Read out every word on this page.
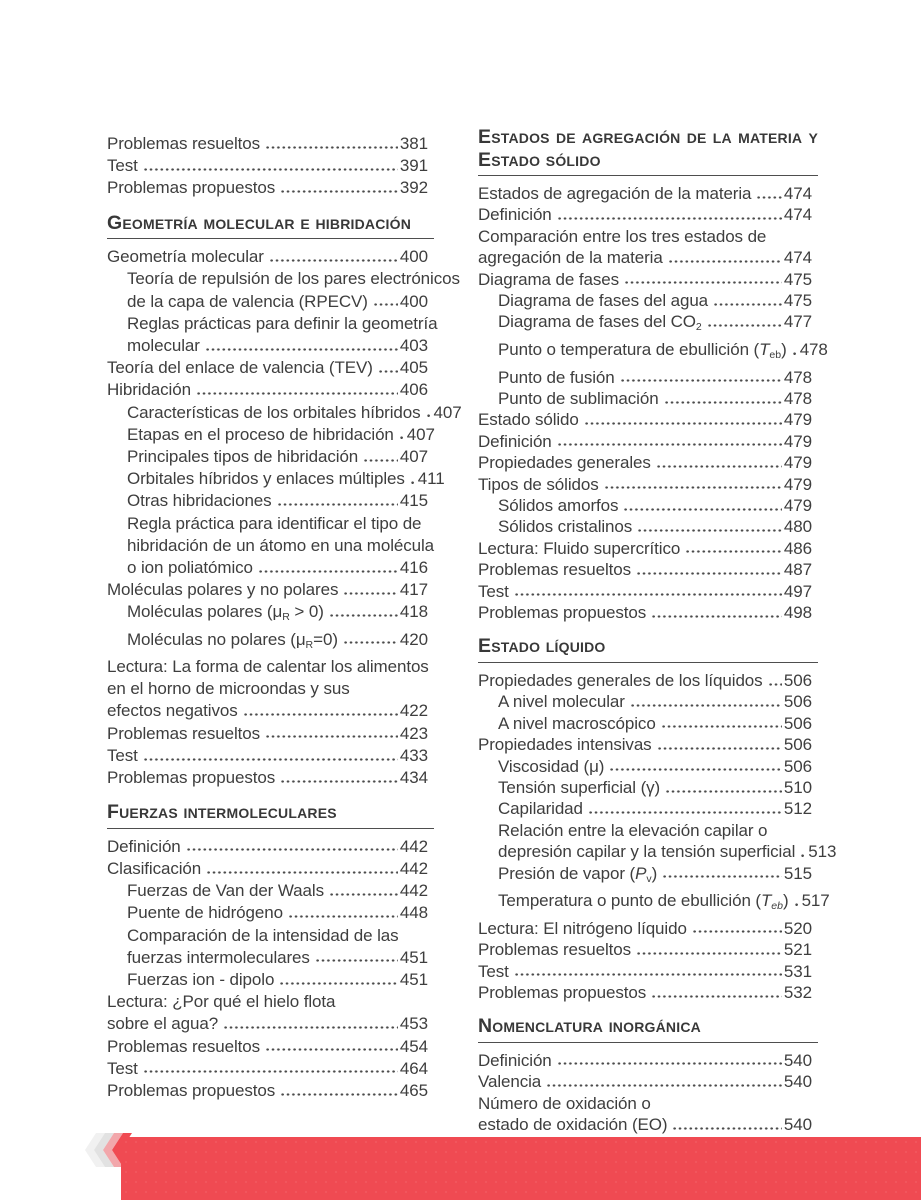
Problemas resueltos	381
Test	391
Problemas propuestos	392
Geometría molecular e hibridación
Geometría molecular	400
Teoría de repulsión de los pares electrónicos
de la capa de valencia (RPECV) 400
Reglas prácticas para definir la geometría
molecular	403
Teoría del enlace de valencia (TEV) 405
Hibridación	406
Características de los orbitales híbridos 407
Etapas en el proceso de hibridación 407
Principales tipos de hibridación 407
Orbitales híbridos y enlaces múltiples 411
Otras hibridaciones	415
Regla práctica para identificar el tipo de
hibridación de un átomo en una molécula
o ion poliatómico	416
Moléculas polares y no polares	417
Moléculas polares $(\mu_R > 0)$	418
Moléculas no polares $(\mu_R=0)$	420
Lectura: La forma de calentar los alimentos
en el horno de microondas y sus
efectos negativos	422
Problemas resueltos	423
Test	433
Problemas propuestos	434
Fuerzas intermoleculares
Definición	442
Clasificación	442
Fuerzas de Van der Waals	442
Puente de hidrógeno	448
Comparación de la intensidad de las
fuerzas intermoleculares	451
Fuerzas ion - dipolo	451
Lectura: ¿Por qué el hielo flota
sobre el agua?	453
Problemas resueltos	454
Test	464
Problemas propuestos	465
Estados de agregación de la materia y
Estado sólido
Estados de agregación de la materia 474
Definición	474
Comparación entre los tres estados de
agregación de la materia	474
Diagrama de fases	475
Diagrama de fases del agua	475
Diagrama de fases del $CO_2$	477
Punto o temperatura de ebullición $(T_{eb})$ 478
Punto de fusión	478
Punto de sublimación	478
Estado sólido	479
Definición	479
Propiedades generales	479
Tipos de sólidos	479
Sólidos amorfos	479
Sólidos cristalinos	480
Lectura: Fluido supercrítico	486
Problemas resueltos	487
Test	497
Problemas propuestos	498
Estado líquido
Propiedades generales de los líquidos 506
A nivel molecular	506
A nivel macroscópico	506
Propiedades intensivas	506
Viscosidad (μ)	506
Tensión superficial (γ)	510
Capilaridad	512
Relación entre la elevación capilar o
depresión capilar y la tensión superficial 513
Presión de vapor $(P_v)$	515
Temperatura o punto de ebullición $(T_{eb})$ 517
Lectura: El nitrógeno líquido	520
Problemas resueltos	521
Test	531
Problemas propuestos	532
Nomenclatura inorgánica
Definición	540
Valencia	540
Número de oxidación o
estado de oxidación (EO)	540
